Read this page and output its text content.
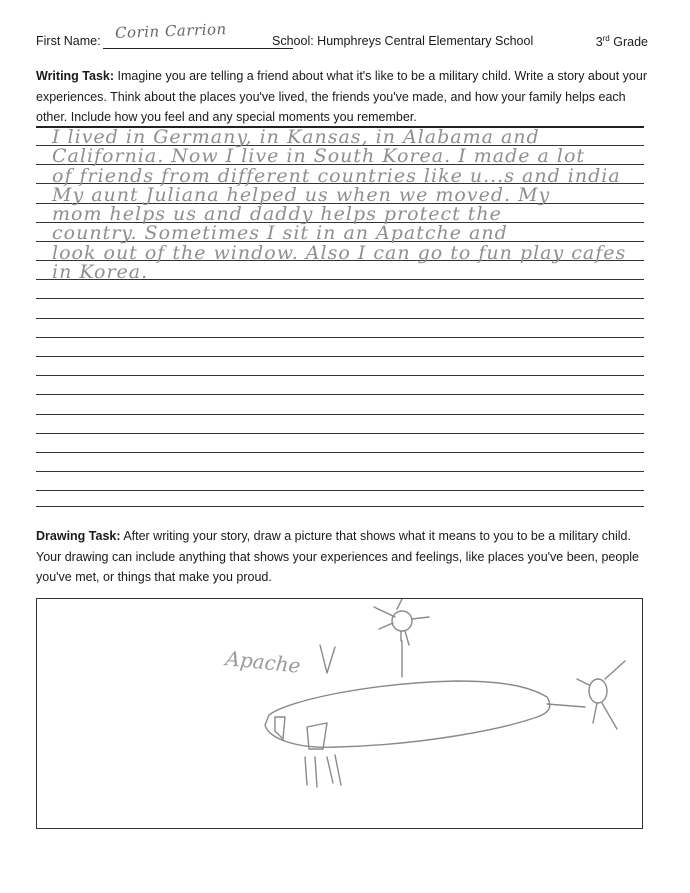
First Name: Corin Carrion	School: Humphreys Central Elementary School	3rd Grade
Writing Task: Imagine you are telling a friend about what it's like to be a military child. Write a story about your experiences. Think about the places you've lived, the friends you've made, and how your family helps each other. Include how you feel and any special moments you remember.
I lived in Germany, in Kansas, in Alabama and
California. Now I live in South Korea. I made a lot
of friends from different countries like u...s and india
My aunt Juliana helped us when we moved. My
mom helps us and daddy helps protect the
country. Sometimes I sit in an Apatche and
look out of the window. Also I can go to fun play cafes
in Korea.
Drawing Task: After writing your story, draw a picture that shows what it means to you to be a military child. Your drawing can include anything that shows your experiences and feelings, like places you've been, people you've met, or things that make you proud.
Apache
